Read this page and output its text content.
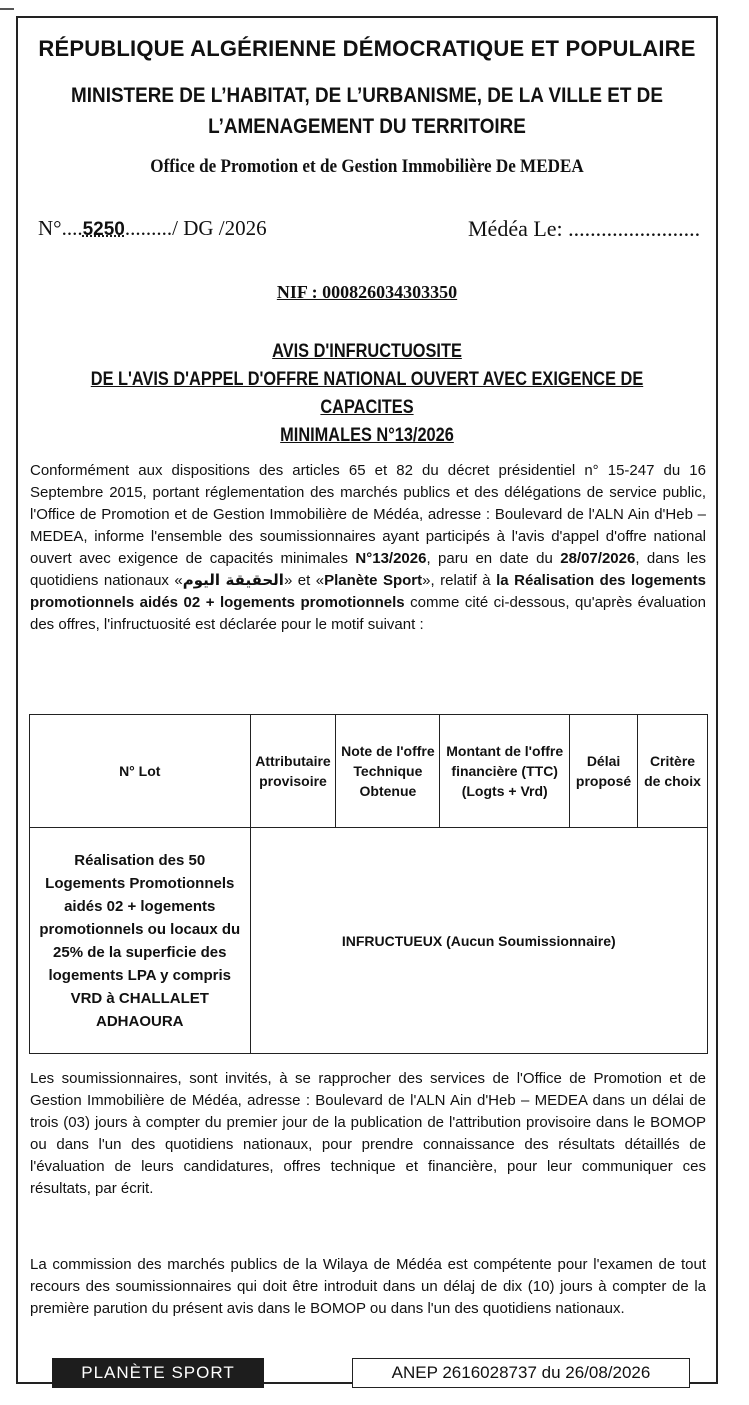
RÉPUBLIQUE ALGÉRIENNE DÉMOCRATIQUE ET POPULAIRE
MINISTERE DE L’HABITAT, DE L’URBANISME, DE LA VILLE ET DE
L’AMENAGEMENT DU TERRITOIRE
Office de Promotion et de Gestion Immobilière De MEDEA
N°....5250........./ DG /2026	Médéa Le: ........................
NIF : 000826034303350
AVIS D'INFRUCTUOSITE
DE L'AVIS D'APPEL D'OFFRE NATIONAL OUVERT AVEC EXIGENCE DE CAPACITES
MINIMALES N°13/2026
Conformément aux dispositions des articles 65 et 82 du décret présidentiel n° 15-247 du 16 Septembre 2015, portant réglementation des marchés publics et des délégations de service public, l'Office de Promotion et de Gestion Immobilière de Médéa, adresse : Boulevard de l'ALN Ain d'Heb –MEDEA, informe l'ensemble des soumissionnaires ayant participés à l'avis d'appel d'offre national ouvert avec exigence de capacités minimales N°13/2026, paru en date du 28/07/2026, dans les quotidiens nationaux «الحقيقة اليوم» et «Planète Sport», relatif à la Réalisation des logements promotionnels aidés 02 + logements promotionnels comme cité ci-dessous, qu'après évaluation des offres, l'infructuosité est déclarée pour le motif suivant :
N° Lot	Attributaire provisoire	Note de l'offre Technique Obtenue	Montant de l'offre financière (TTC) (Logts + Vrd)	Délai proposé	Critère de choix
Réalisation des 50 Logements Promotionnels aidés 02 + logements promotionnels ou locaux du 25% de la superficie des logements LPA y compris VRD à CHALLALET ADHAOURA	INFRUCTUEUX (Aucun Soumissionnaire)				
Les soumissionnaires, sont invités, à se rapprocher des services de l'Office de Promotion et de Gestion Immobilière de Médéa, adresse : Boulevard de l'ALN Ain d'Heb – MEDEA dans un délai de trois (03) jours à compter du premier jour de la publication de l'attribution provisoire dans le BOMOP ou dans l'un des quotidiens nationaux, pour prendre connaissance des résultats détaillés de l'évaluation de leurs candidatures, offres technique et financière, pour leur communiquer ces résultats, par écrit.
La commission des marchés publics de la Wilaya de Médéa est compétente pour l'examen de tout recours des soumissionnaires qui doit être introduit dans un délaj de dix (10) jours à compter de la première parution du présent avis dans le BOMOP ou dans l'un des quotidiens nationaux.
PLANÈTE SPORT	ANEP 2616028737 du 26/08/2026
